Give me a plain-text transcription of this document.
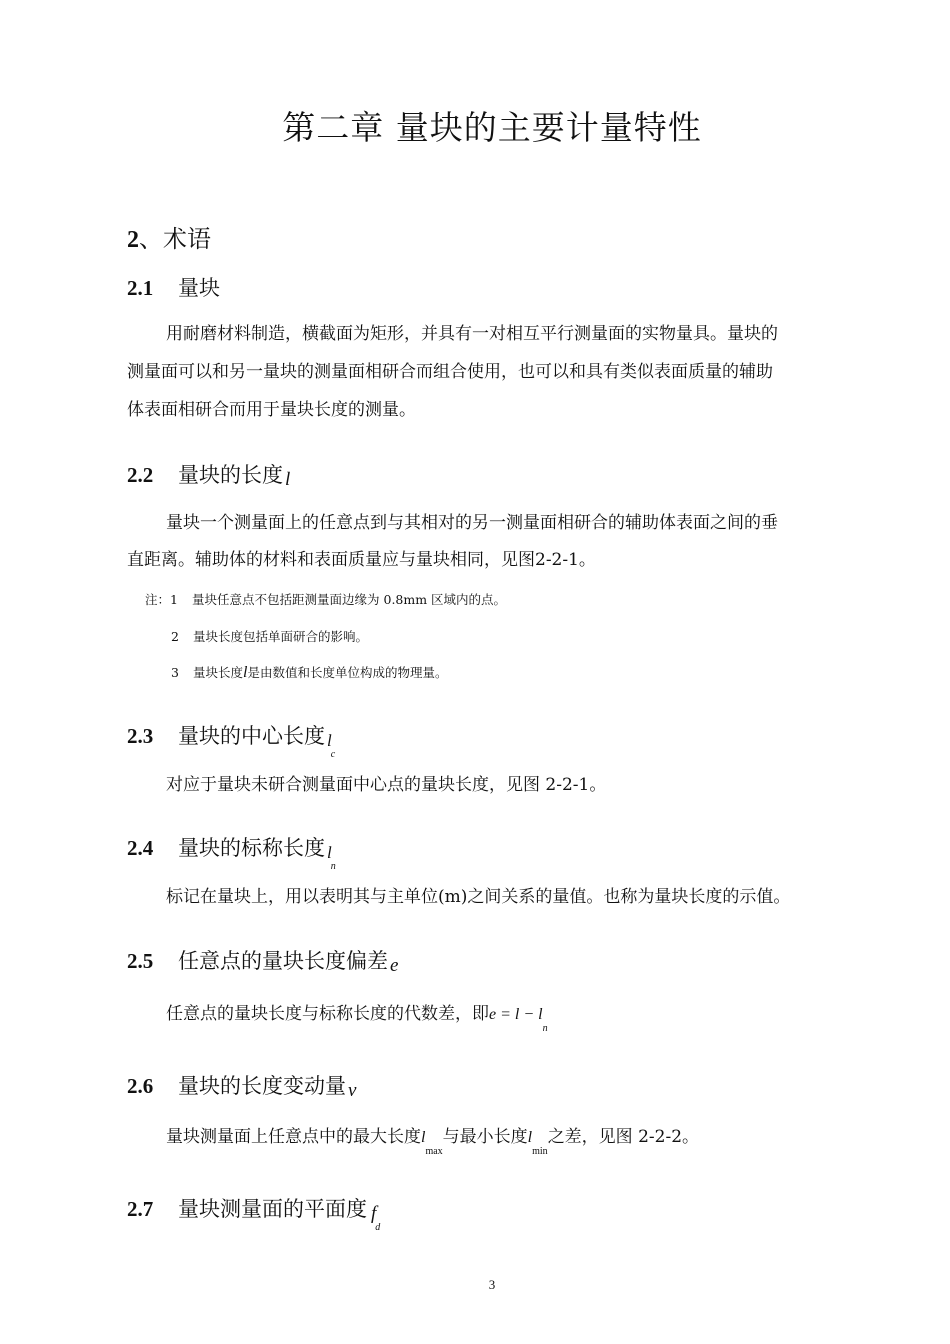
第二章 量块的主要计量特性
2、术语
2.1 量块
用耐磨材料制造，横截面为矩形，并具有一对相互平行测量面的实物量具。量块的
测量面可以和另一量块的测量面相研合而组合使用，也可以和具有类似表面质量的辅助
体表面相研合而用于量块长度的测量。
2.2 量块的长度 l
量块一个测量面上的任意点到与其相对的另一测量面相研合的辅助体表面之间的垂
直距离。辅助体的材料和表面质量应与量块相同，见图2-2-1。
注：1 量块任意点不包括距测量面边缘为 0.8mm 区域内的点。
2 量块长度包括单面研合的影响。
3 量块长度l是由数值和长度单位构成的物理量。
2.3 量块的中心长度 $l_c$
对应于量块未研合测量面中心点的量块长度，见图 2-2-1。
2.4 量块的标称长度 $l_n$
标记在量块上，用以表明其与主单位(m)之间关系的量值。也称为量块长度的示值。
2.5 任意点的量块长度偏差 e
任意点的量块长度与标称长度的代数差，即$e = l - l_n$
2.6 量块的长度变动量 v
量块测量面上任意点中的最大长度$l_{max}$与最小长度$l_{min}$之差，见图 2-2-2。
2.7 量块测量面的平面度 $f_d$
3
